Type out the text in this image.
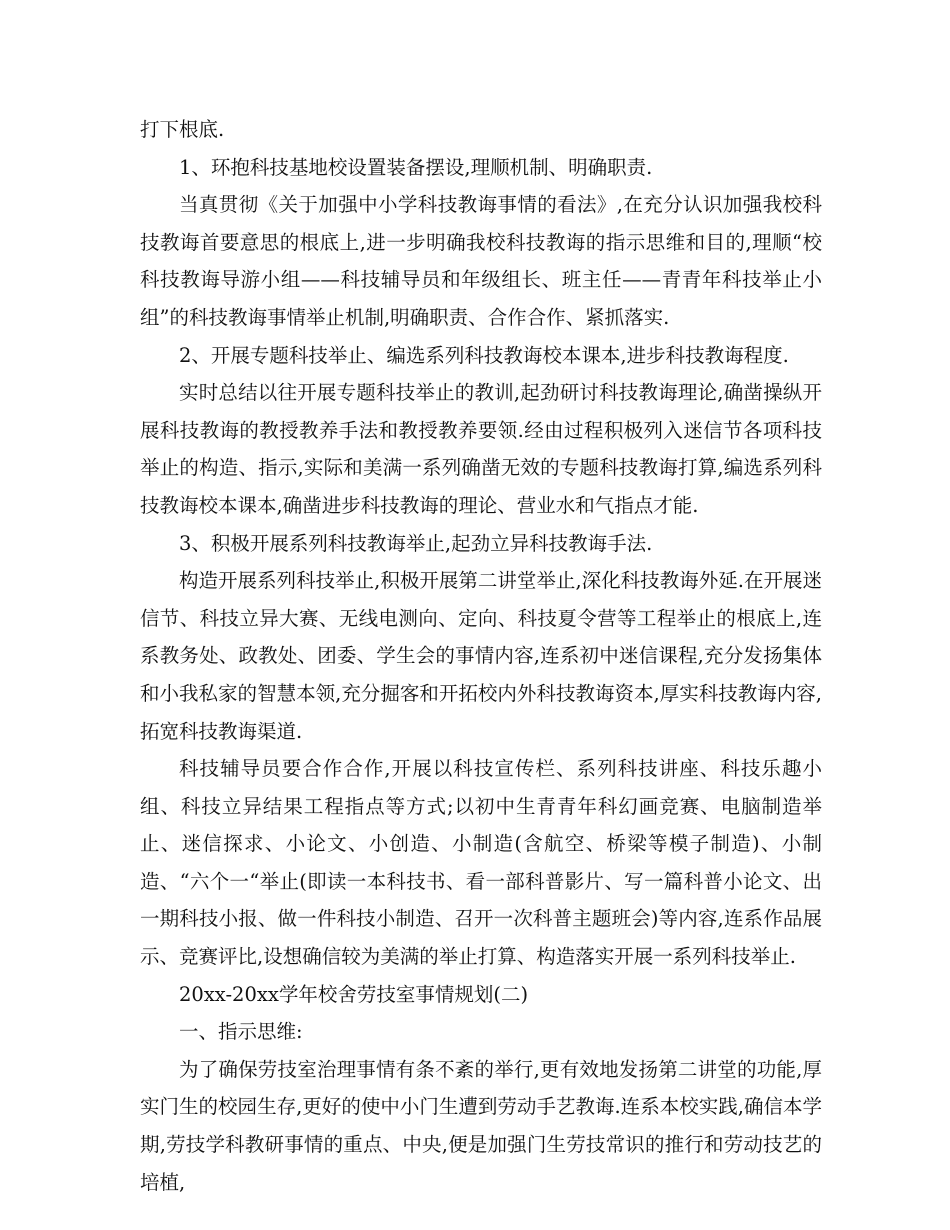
打下根底.

1、环抱科技基地校设置装备摆设,理顺机制、明确职责.

当真贯彻《关于加强中小学科技教诲事情的看法》,在充分认识加强我校科技教诲首要意思的根底上,进一步明确我校科技教诲的指示思维和目的,理顺“校科技教诲导游小组——科技辅导员和年级组长、班主任——青青年科技举止小组”的科技教诲事情举止机制,明确职责、合作合作、紧抓落实.

2、开展专题科技举止、编选系列科技教诲校本课本,进步科技教诲程度.

实时总结以往开展专题科技举止的教训,起劲研讨科技教诲理论,确凿操纵开展科技教诲的教授教养手法和教授教养要领.经由过程积极列入迷信节各项科技举止的构造、指示,实际和美满一系列确凿无效的专题科技教诲打算,编选系列科技教诲校本课本,确凿进步科技教诲的理论、营业水和气指点才能.

3、积极开展系列科技教诲举止,起劲立异科技教诲手法.

构造开展系列科技举止,积极开展第二讲堂举止,深化科技教诲外延.在开展迷信节、科技立异大赛、无线电测向、定向、科技夏令营等工程举止的根底上,连系教务处、政教处、团委、学生会的事情内容,连系初中迷信课程,充分发扬集体和小我私家的智慧本领,充分掘客和开拓校内外科技教诲资本,厚实科技教诲内容,拓宽科技教诲渠道.

科技辅导员要合作合作,开展以科技宣传栏、系列科技讲座、科技乐趣小组、科技立异结果工程指点等方式;以初中生青青年科幻画竞赛、电脑制造举止、迷信探求、小论文、小创造、小制造(含航空、桥梁等模子制造)、小制造、“六个一“举止(即读一本科技书、看一部科普影片、写一篇科普小论文、出一期科技小报、做一件科技小制造、召开一次科普主题班会)等内容,连系作品展示、竞赛评比,设想确信较为美满的举止打算、构造落实开展一系列科技举止.

20xx-20xx学年校舍劳技室事情规划(二)

一、指示思维:

为了确保劳技室治理事情有条不紊的举行,更有效地发扬第二讲堂的功能,厚实门生的校园生存,更好的使中小门生遭到劳动手艺教诲.连系本校实践,确信本学期,劳技学科教研事情的重点、中央,便是加强门生劳技常识的推行和劳动技艺的培植,
